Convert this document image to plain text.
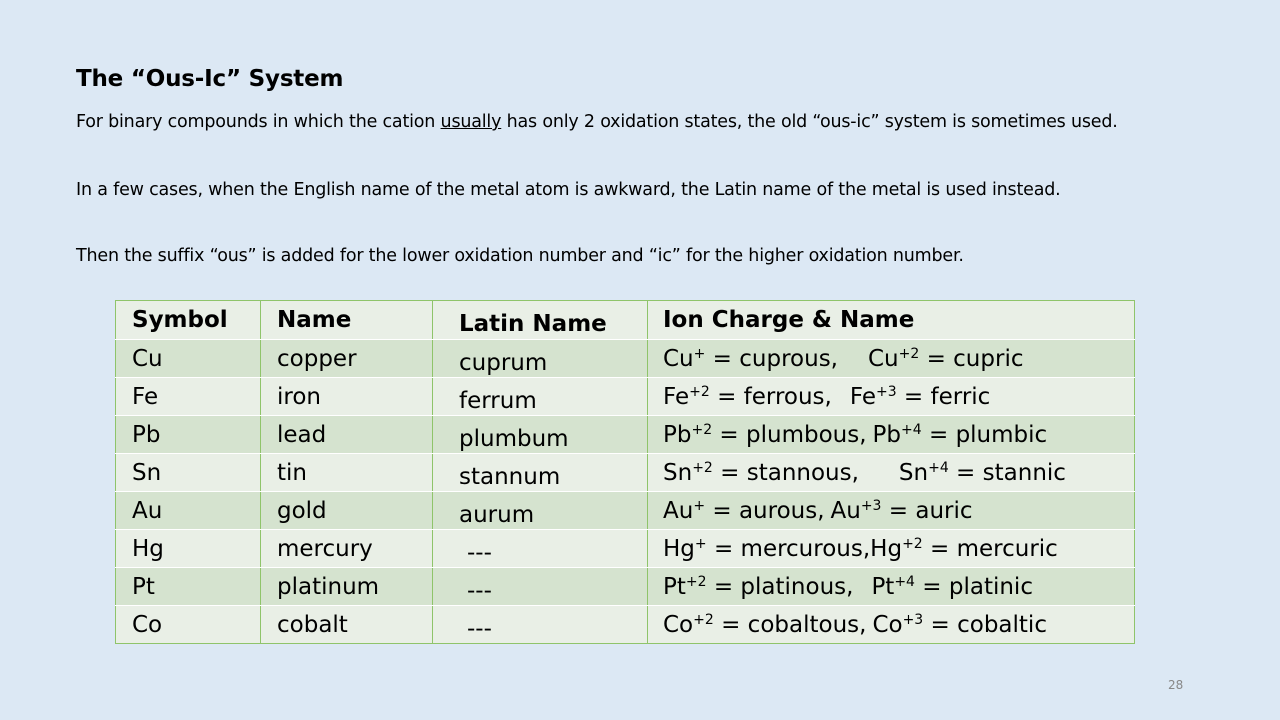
The “Ous-Ic” System
For binary compounds in which the cation usually has only 2 oxidation states, the old “ous-ic” system is sometimes used.
In a few cases, when the English name of the metal atom is awkward, the Latin name of the metal is used instead.
Then the suffix “ous” is added for the lower oxidation number and “ic” for the higher oxidation number.
Symbol	Name	Latin Name	Ion Charge & Name
Cu	copper	cuprum	Cu+ = cuprous, $Cu^{+2}$ = cupric
Fe	iron	ferrum	$Fe^{+2}$ = ferrous, $Fe^{+3}$ = ferric
Pb	lead	plumbum	$Pb^{+2}$ = plumbous, $Pb^{+4}$ = plumbic
Sn	tin	stannum	$Sn^{+2}$ = stannous, $Sn^{+4}$ = stannic
Au	gold	aurum	Au+ = aurous, $Au^{+3}$ = auric
Hg	mercury	---	$Hg^+ = mercurous,Hg^{+2}$ = mercuric
Pt	platinum	---	$Pt^{+2}$ = platinous, $Pt^{+4}$ = platinic
Co	cobalt	---	$Co^{+2}$ = cobaltous, $Co^{+3}$ = cobaltic
28
